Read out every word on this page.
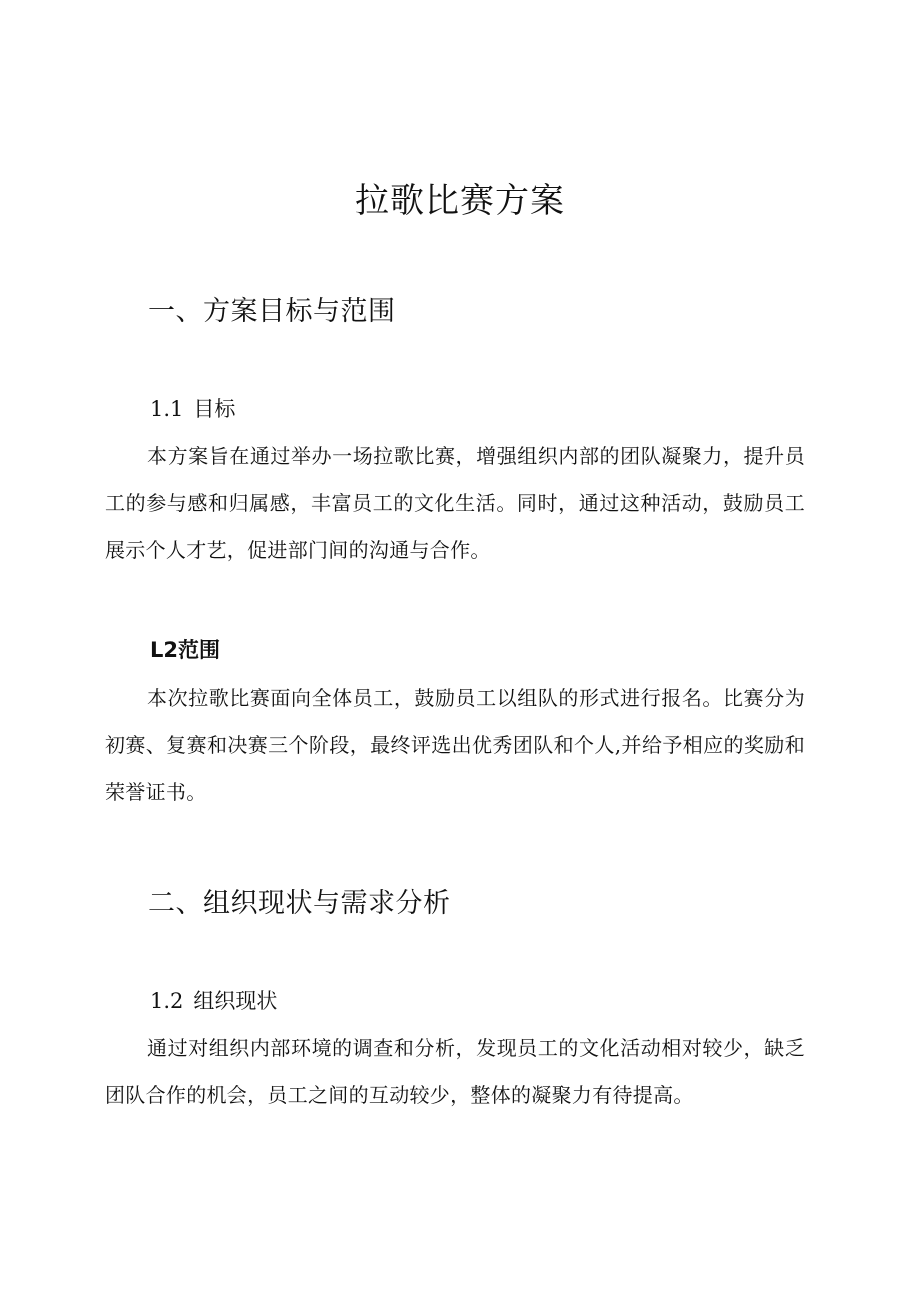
拉歌比赛方案
一、方案目标与范围
1.1 目标

本方案旨在通过举办一场拉歌比赛，增强组织内部的团队凝聚力，提升员工的参与感和归属感，丰富员工的文化生活。同时，通过这种活动，鼓励员工展示个人才艺，促进部门间的沟通与合作。

L2范围

本次拉歌比赛面向全体员工，鼓励员工以组队的形式进行报名。比赛分为初赛、复赛和决赛三个阶段，最终评选出优秀团队和个人,并给予相应的奖励和荣誉证书。

二、组织现状与需求分析
1.2 组织现状

通过对组织内部环境的调查和分析，发现员工的文化活动相对较少，缺乏团队合作的机会，员工之间的互动较少，整体的凝聚力有待提高。
